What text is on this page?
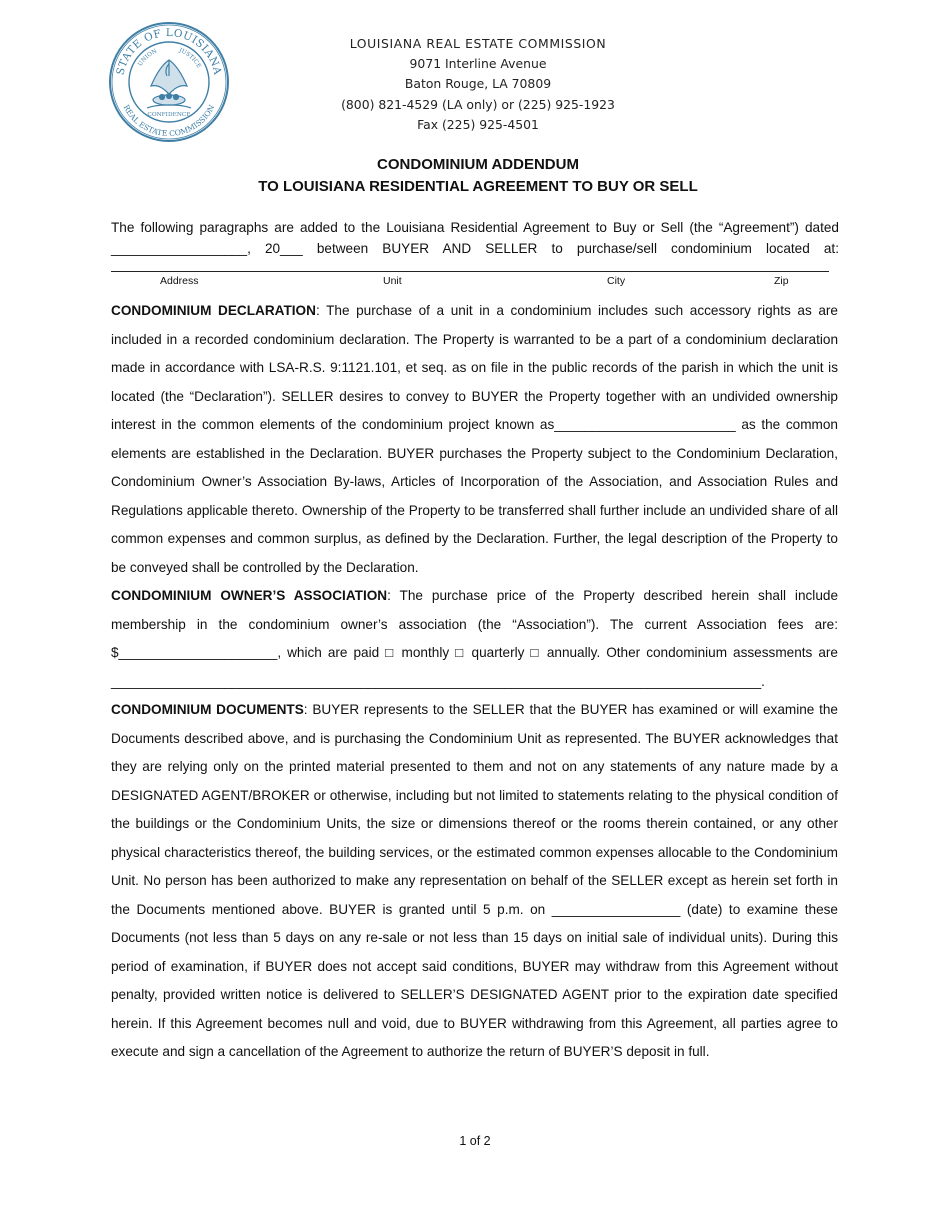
STATE OF LOUISIANA
REAL ESTATE COMMISSION
UNION	JUSTICE
CONFIDENCE
LOUISIANA REAL ESTATE COMMISSION
9071 Interline Avenue
Baton Rouge, LA 70809
(800) 821-4529 (LA only) or (225) 925-1923
Fax (225) 925-4501
CONDOMINIUM ADDENDUM
TO LOUISIANA RESIDENTIAL AGREEMENT TO BUY OR SELL
The following paragraphs are added to the Louisiana Residential Agreement to Buy or Sell (the “Agreement”) dated
__________________, 20___ between BUYER AND SELLER to purchase/sell condominium located at:
Address	Unit	City	Zip

CONDOMINIUM DECLARATION: The purchase of a unit in a condominium includes such accessory rights as are included in a recorded condominium declaration. The Property is warranted to be a part of a condominium declaration made in accordance with LSA-R.S. 9:1121.101, et seq. as on file in the public records of the parish in which the unit is located (the “Declaration”). SELLER desires to convey to BUYER the Property together with an undivided ownership interest in the common elements of the condominium project known as________________________ as the common elements are established in the Declaration. BUYER purchases the Property subject to the Condominium Declaration, Condominium Owner’s Association By-laws, Articles of Incorporation of the Association, and Association Rules and Regulations applicable thereto. Ownership of the Property to be transferred shall further include an undivided share of all common expenses and common surplus, as defined by the Declaration. Further, the legal description of the Property to be conveyed shall be controlled by the Declaration.

CONDOMINIUM OWNER’S ASSOCIATION: The purchase price of the Property described herein shall include membership in the condominium owner’s association (the “Association”). The current Association fees are: $_____________________, which are paid □ monthly □ quarterly □ annually. Other condominium assessments are ______________________________________________________________________________________.

CONDOMINIUM DOCUMENTS: BUYER represents to the SELLER that the BUYER has examined or will examine the Documents described above, and is purchasing the Condominium Unit as represented. The BUYER acknowledges that they are relying only on the printed material presented to them and not on any statements of any nature made by a DESIGNATED AGENT/BROKER or otherwise, including but not limited to statements relating to the physical condition of the buildings or the Condominium Units, the size or dimensions thereof or the rooms therein contained, or any other physical characteristics thereof, the building services, or the estimated common expenses allocable to the Condominium Unit. No person has been authorized to make any representation on behalf of the SELLER except as herein set forth in the Documents mentioned above. BUYER is granted until 5 p.m. on _________________ (date) to examine these Documents (not less than 5 days on any re-sale or not less than 15 days on initial sale of individual units). During this period of examination, if BUYER does not accept said conditions, BUYER may withdraw from this Agreement without penalty, provided written notice is delivered to SELLER’S DESIGNATED AGENT prior to the expiration date specified herein. If this Agreement becomes null and void, due to BUYER withdrawing from this Agreement, all parties agree to execute and sign a cancellation of the Agreement to authorize the return of BUYER’S deposit in full.

1 of 2
